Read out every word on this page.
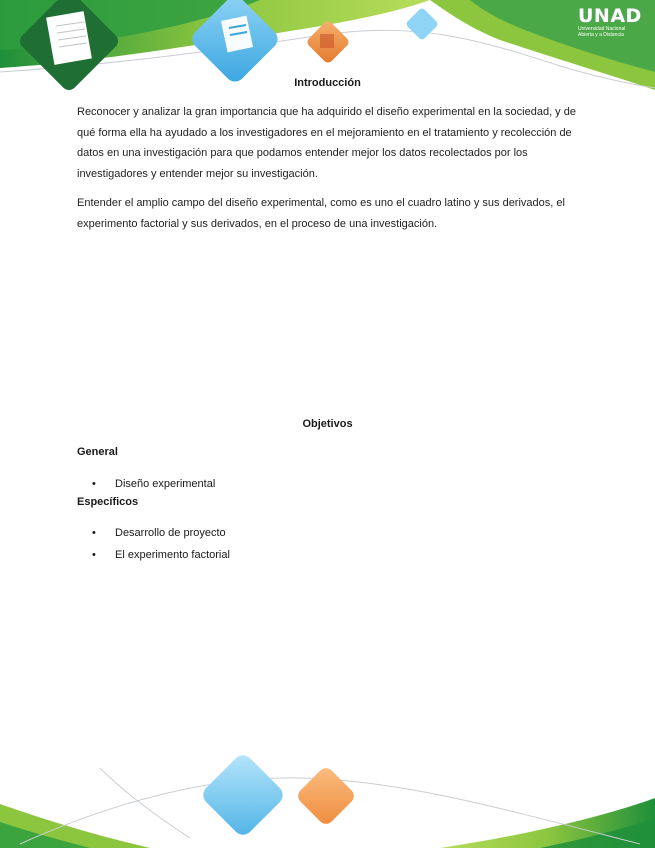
UNAD
Universidad Nacional
Abierta y a Distancia
Introducción

Reconocer y analizar la gran importancia que ha adquirido el diseño experimental en la sociedad, y de qué forma ella ha ayudado a los investigadores en el mejoramiento en el tratamiento y recolección de datos en una investigación para que podamos entender mejor los datos recolectados por los investigadores y entender mejor su investigación.

Entender el amplio campo del diseño experimental, como es uno el cuadro latino y sus derivados, el experimento factorial y sus derivados, en el proceso de una investigación.

Objetivos
General
• Diseño experimental
Específicos
• Desarrollo de proyecto
• El experimento factorial
